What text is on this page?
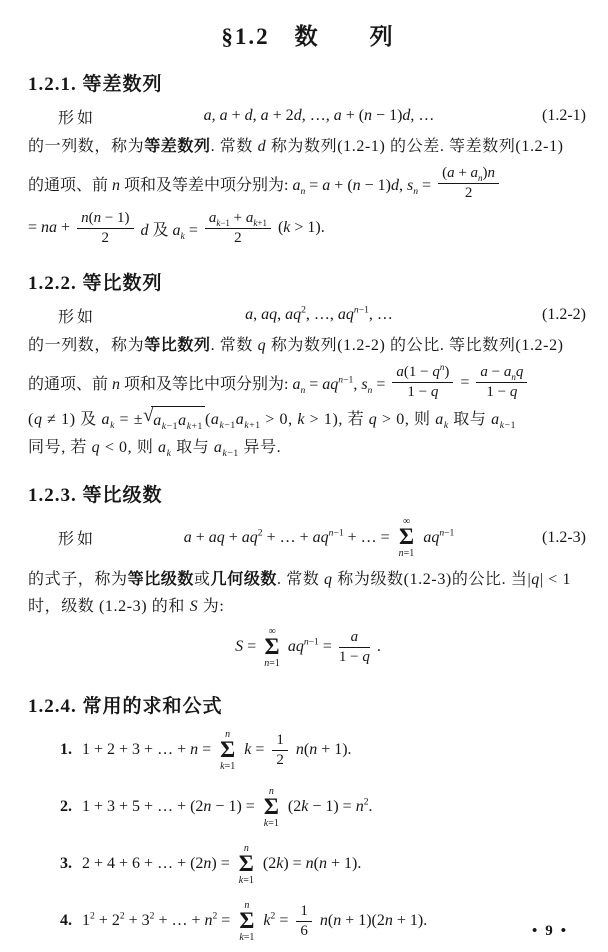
§1.2　数　　列
1.2.1. 等差数列
形如	a, a + d, a + 2d, …, a + (n − 1)d, …	(1.2-1)
的一列数，称为等差数列. 常数 d 称为数列(1.2-1) 的公差. 等差数列(1.2-1)
的通项、前 n 项和及等差中项分别为: $a_n = a + (n - 1)d$, $s_n = \frac{(a + a_n)n}{2}$
= na + $\frac{n(n - 1)}{2}$ d 及 $a_k = \frac{a_{k-1} + a_{k+1}}{2} (k > 1)$.
1.2.2. 等比数列
形如	a, aq, $aq^2$, …, $aq^{n-1}$, …	(1.2-2)
的一列数，称为等比数列. 常数 q 称为数列(1.2-2) 的公比. 等比数列(1.2-2)
的通项、前 n 项和及等比中项分别为: $a_n = aq^{n-1}$, $s_n = \frac{a(1 - q^n)}{1 - q} = \frac{a - a_nq}{1 - q}$
(q ≠ 1) 及 $a_k$ = ± √ $a_{k-1}a_{k+1}$ ($a_{k-1}a_{k+1} > 0$, k > 1), 若 q > 0, 则 $a_k$ 取与 $a_{k-1}$
同号, 若 q < 0, 则 $a_k$ 取与 $a_{k-1}$ 异号.
1.2.3. 等比级数
形如	a + aq + $aq^2$ + … + $aq^{n-1}$ + … =
∞
Σ
n=1
$aq^{n-1}$	(1.2-3)
的式子，称为等比级数或几何级数. 常数 q 称为级数(1.2-3)的公比. 当|q| < 1
时，级数 (1.2-3) 的和 S 为:
S =
∞
Σ
n=1
$aq^{n-1} = \frac{a}{1 - q}$ .
1.2.4. 常用的求和公式
1. 1 + 2 + 3 + … + n =
n
Σ
k=1
$k = \frac{1}{2} n(n + 1)$.
2. 1 + 3 + 5 + … + (2n − 1) =
n
Σ
k=1
$(2k - 1) = n^2$.
3. 2 + 4 + 6 + … + (2n) =
n
Σ
k=1
(2k) = n(n + 1).
4. $1^2 + 2^2 + 3^2$ + … + $n^2$ =
n
Σ
k=1
$k^2 = \frac{1}{6} n(n + 1)(2n + 1)$.
•9•
